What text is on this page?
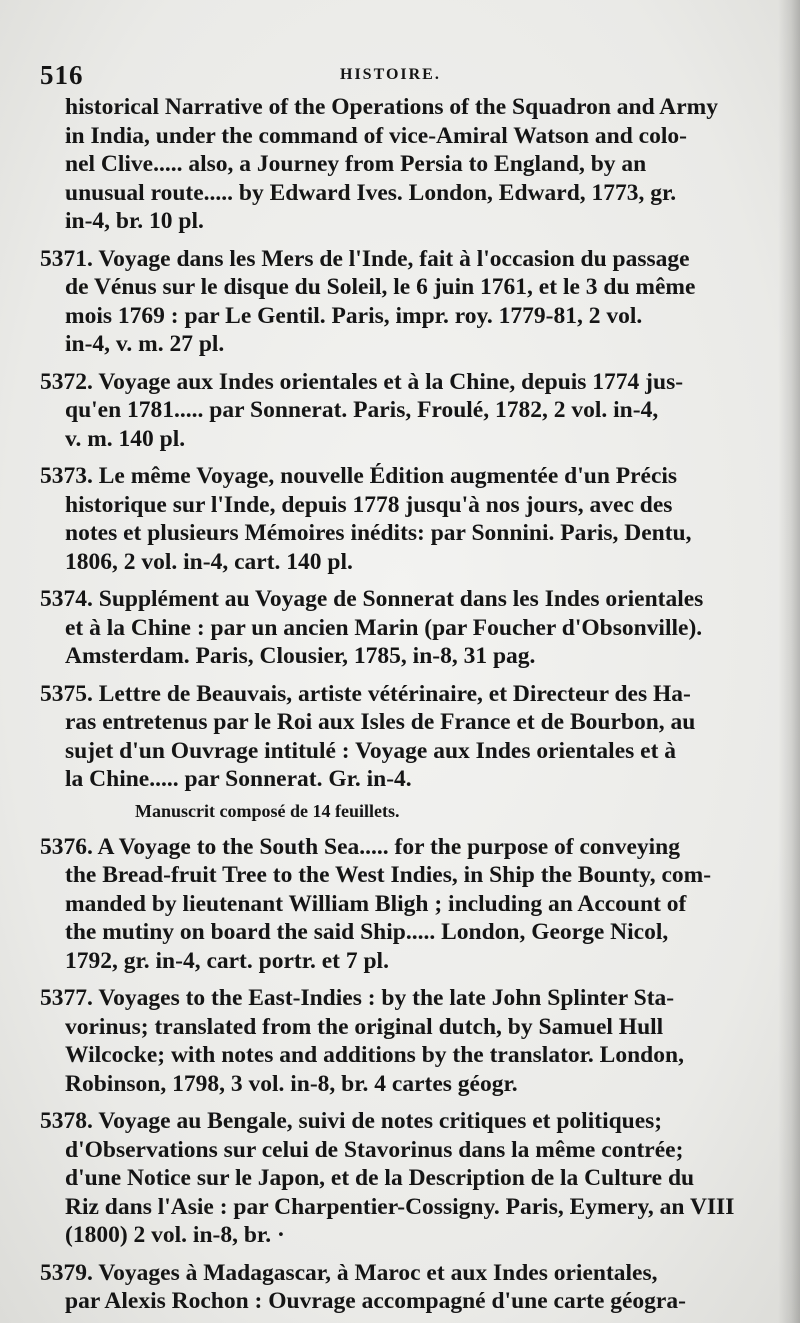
516	HISTOIRE.
historical Narrative of the Operations of the Squadron and Army
in India, under the command of vice-Amiral Watson and colo-
nel Clive..... also, a Journey from Persia to England, by an
unusual route..... by Edward Ives. London, Edward, 1773, gr.
in-4, br. 10 pl.
5371. Voyage dans les Mers de l'Inde, fait à l'occasion du passage
de Vénus sur le disque du Soleil, le 6 juin 1761, et le 3 du même
mois 1769 : par Le Gentil. Paris, impr. roy. 1779-81, 2 vol.
in-4, v. m. 27 pl.
5372. Voyage aux Indes orientales et à la Chine, depuis 1774 jus-
qu'en 1781..... par Sonnerat. Paris, Froulé, 1782, 2 vol. in-4,
v. m. 140 pl.
5373. Le même Voyage, nouvelle Édition augmentée d'un Précis
historique sur l'Inde, depuis 1778 jusqu'à nos jours, avec des
notes et plusieurs Mémoires inédits: par Sonnini. Paris, Dentu,
1806, 2 vol. in-4, cart. 140 pl.
5374. Supplément au Voyage de Sonnerat dans les Indes orientales
et à la Chine : par un ancien Marin (par Foucher d'Obsonville).
Amsterdam. Paris, Clousier, 1785, in-8, 31 pag.
5375. Lettre de Beauvais, artiste vétérinaire, et Directeur des Ha-
ras entretenus par le Roi aux Isles de France et de Bourbon, au
sujet d'un Ouvrage intitulé : Voyage aux Indes orientales et à
la Chine..... par Sonnerat. Gr. in-4.
Manuscrit composé de 14 feuillets.
5376. A Voyage to the South Sea..... for the purpose of conveying
the Bread-fruit Tree to the West Indies, in Ship the Bounty, com-
manded by lieutenant William Bligh ; including an Account of
the mutiny on board the said Ship..... London, George Nicol,
1792, gr. in-4, cart. portr. et 7 pl.
5377. Voyages to the East-Indies : by the late John Splinter Sta-
vorinus; translated from the original dutch, by Samuel Hull
Wilcocke; with notes and additions by the translator. London,
Robinson, 1798, 3 vol. in-8, br. 4 cartes géogr.
5378. Voyage au Bengale, suivi de notes critiques et politiques;
d'Observations sur celui de Stavorinus dans la même contrée;
d'une Notice sur le Japon, et de la Description de la Culture du
Riz dans l'Asie : par Charpentier-Cossigny. Paris, Eymery, an VIII
(1800) 2 vol. in-8, br. ·
5379. Voyages à Madagascar, à Maroc et aux Indes orientales,
par Alexis Rochon : Ouvrage accompagné d'une carte géogra-
